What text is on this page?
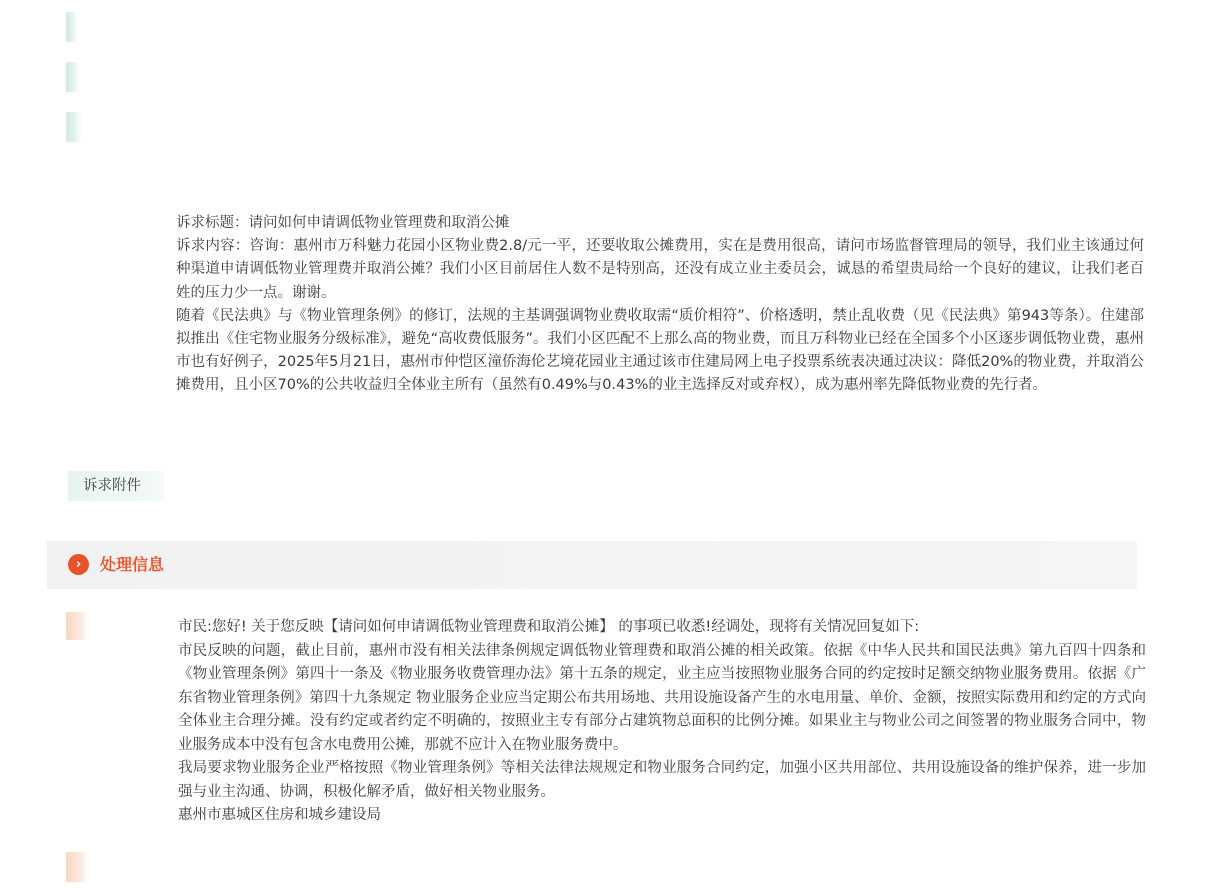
诉求标题：请问如何申请调低物业管理费和取消公摊

诉求内容：咨询：惠州市万科魅力花园小区物业费2.8/元一平，还要收取公摊费用，实在是费用很高，请问市场监督管理局的领导，我们业主该通过何种渠道申请调低物业管理费并取消公摊？我们小区目前居住人数不是特别高，还没有成立业主委员会，诚恳的希望贵局给一个良好的建议，让我们老百姓的压力少一点。谢谢。

随着《民法典》与《物业管理条例》的修订，法规的主基调强调物业费收取需“质价相符”、价格透明，禁止乱收费（见《民法典》第943等条）。住建部拟推出《住宅物业服务分级标准》，避免“高收费低服务”。我们小区匹配不上那么高的物业费，而且万科物业已经在全国多个小区逐步调低物业费，惠州市也有好例子，2025年5月21日，惠州市仲恺区潼侨海伦艺境花园业主通过该市住建局网上电子投票系统表决通过决议：降低20%的物业费，并取消公摊费用，且小区70%的公共收益归全体业主所有（虽然有0.49%与0.43%的业主选择反对或弃权），成为惠州率先降低物业费的先行者。

诉求附件
›	处理信息

市民:您好! 关于您反映【请问如何申请调低物业管理费和取消公摊】 的事项已收悉!经调处，现将有关情况回复如下:

市民反映的问题，截止目前，惠州市没有相关法律条例规定调低物业管理费和取消公摊的相关政策。依据《中华人民共和国民法典》第九百四十四条和《物业管理条例》第四十一条及《物业服务收费管理办法》第十五条的规定，业主应当按照物业服务合同的约定按时足额交纳物业服务费用。依据《广东省物业管理条例》第四十九条规定 物业服务企业应当定期公布共用场地、共用设施设备产生的水电用量、单价、金额，按照实际费用和约定的方式向全体业主合理分摊。没有约定或者约定不明确的，按照业主专有部分占建筑物总面积的比例分摊。如果业主与物业公司之间签署的物业服务合同中，物业服务成本中没有包含水电费用公摊，那就不应计入在物业服务费中。

我局要求物业服务企业严格按照《物业管理条例》等相关法律法规规定和物业服务合同约定，加强小区共用部位、共用设施设备的维护保养，进一步加强与业主沟通、协调，积极化解矛盾，做好相关物业服务。

惠州市惠城区住房和城乡建设局
